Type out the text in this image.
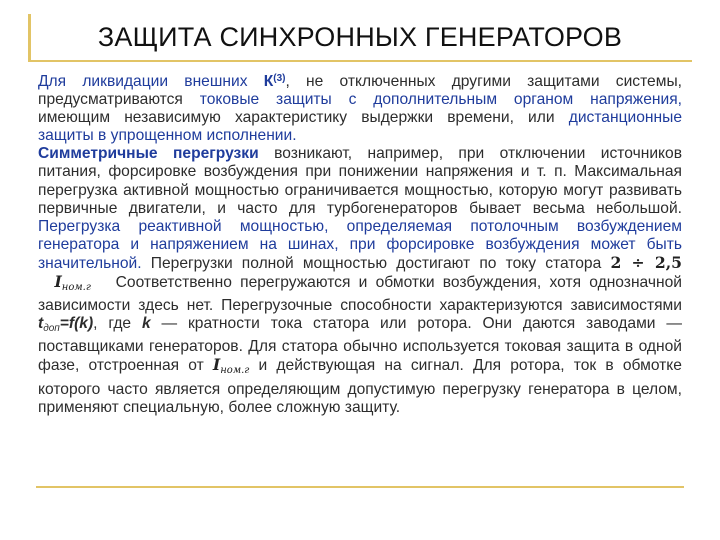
ЗАЩИТА СИНХРОННЫХ ГЕНЕРАТОРОВ
Для ликвидации внешних $К^{(3)}$, не отключенных другими защитами системы, предусматриваются токовые защиты с дополнительным органом напряжения, имеющим независимую характеристику выдержки времени, или дистанционные защиты в упрощенном исполнении.
Симметричные перегрузки возникают, например, при отключении источников питания, форсировке возбуждения при понижении напряжения и т. п. Максимальная перегрузка активной мощностью ограничивается мощностью, которую могут развивать первичные двигатели, и часто для турбогенераторов бывает весьма небольшой. Перегрузка реактивной мощностью, определяемая потолочным возбуждением генератора и напряжением на шинах, при форсировке возбуждения может быть значительной. Перегрузки полной мощностью достигают по току статора 2 ÷ 2,5   $I_{ном.г}$ Соответственно перегружаются и обмотки возбуждения, хотя однозначной зависимости здесь нет. Перегрузочные способности характеризуются зависимостями $t_{доп}=f(k)$, где k — кратности тока статора или ротора. Они даются заводами — поставщиками генераторов. Для статора обычно используется токовая защита в одной фазе, отстроенная от $I_{ном.г}$ и действующая на сигнал. Для ротора, ток в обмотке которого часто является определяющим допустимую перегрузку генератора в целом, применяют специальную, более сложную защиту.
